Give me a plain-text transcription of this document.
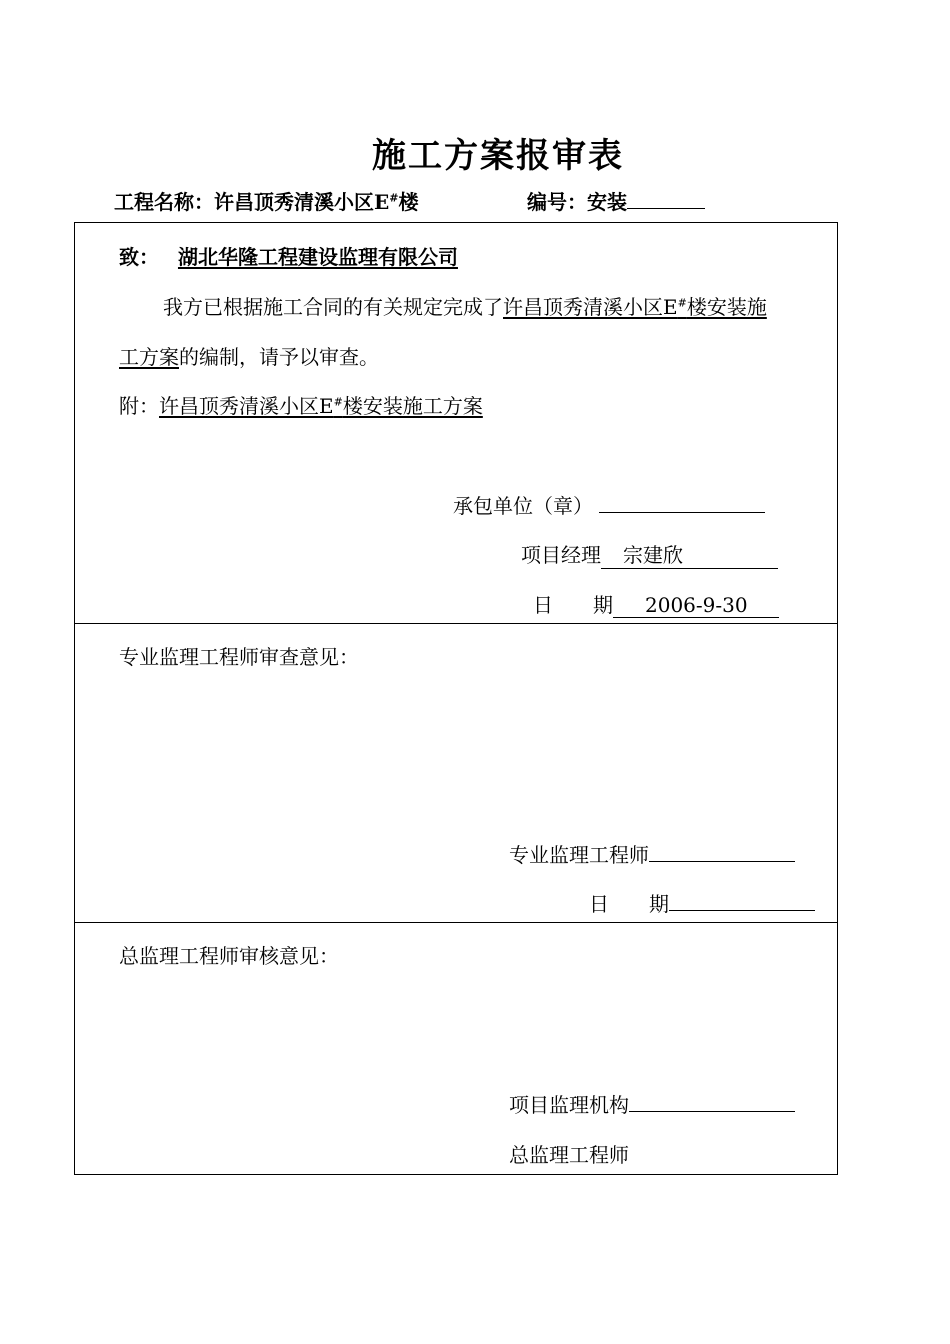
施工方案报审表
工程名称：许昌顶秀清溪小区E#楼	编号：安装
致： 湖北华隆工程建设监理有限公司
我方已根据施工合同的有关规定完成了许昌顶秀清溪小区E#楼安装施
工方案的编制，请予以审查。
附：许昌顶秀清溪小区E#楼安装施工方案
承包单位（章）
项目经理 宗建欣
日　　期 2006-9-30
专业监理工程师审查意见：
专业监理工程师
日　　期
总监理工程师审核意见：
项目监理机构
总监理工程师
